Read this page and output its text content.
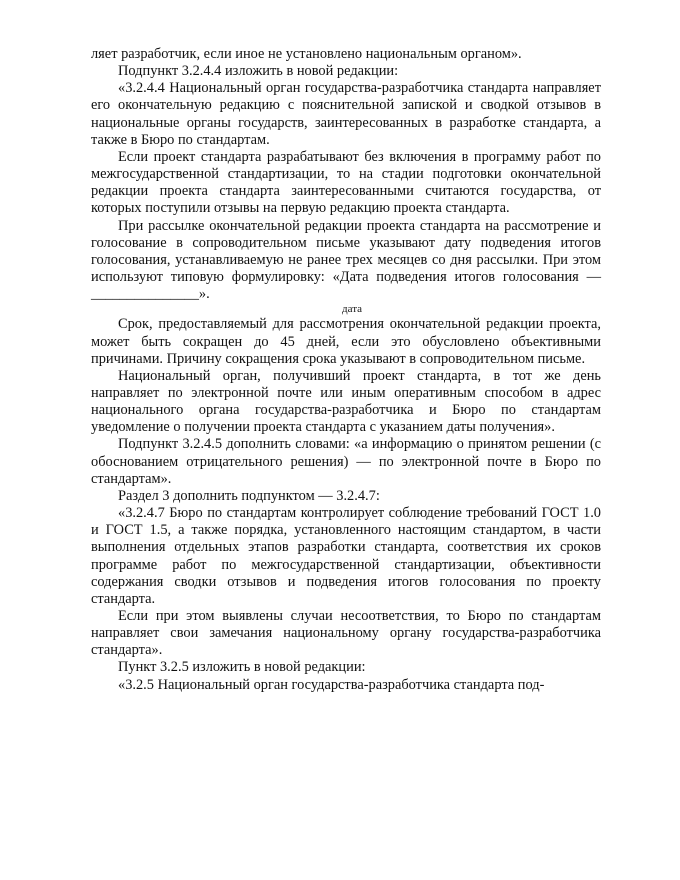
ляет разработчик, если иное не установлено национальным органом».

Подпункт 3.2.4.4 изложить в новой редакции:

«3.2.4.4 Национальный орган государства-разработчика стандарта направляет его окончательную редакцию с пояснительной запиской и сводкой отзывов в национальные органы государств, заинтересованных в разработке стандарта, а также в Бюро по стандартам.

Если проект стандарта разрабатывают без включения в программу работ по межгосударственной стандартизации, то на стадии подготовки окончательной редакции проекта стандарта заинтересованными считаются государства, от которых поступили отзывы на первую редакцию проекта стандарта.

При рассылке окончательной редакции проекта стандарта на рассмотрение и голосование в сопроводительном письме указывают дату подведения итогов голосования, устанавливаемую не ранее трех месяцев со дня рассылки. При этом используют типовую формулировку: «Дата подведения итогов голосования — _______________».

дата

Срок, предоставляемый для рассмотрения окончательной редакции проекта, может быть сокращен до 45 дней, если это обусловлено объективными причинами. Причину сокращения срока указывают в сопроводительном письме.

Национальный орган, получивший проект стандарта, в тот же день направляет по электронной почте или иным оперативным способом в адрес национального органа государства-разработчика и Бюро по стандартам уведомление о получении проекта стандарта с указанием даты получения».

Подпункт 3.2.4.5 дополнить словами: «а информацию о принятом решении (с обоснованием отрицательного решения) — по электронной почте в Бюро по стандартам».

Раздел 3 дополнить подпунктом — 3.2.4.7:

«3.2.4.7 Бюро по стандартам контролирует соблюдение требований ГОСТ 1.0 и ГОСТ 1.5, а также порядка, установленного настоящим стандартом, в части выполнения отдельных этапов разработки стандарта, соответствия их сроков программе работ по межгосударственной стандартизации, объективности содержания сводки отзывов и подведения итогов голосования по проекту стандарта.

Если при этом выявлены случаи несоответствия, то Бюро по стандартам направляет свои замечания национальному органу государства-разработчика стандарта».

Пункт 3.2.5 изложить в новой редакции:

«3.2.5 Национальный орган государства-разработчика стандарта под-
